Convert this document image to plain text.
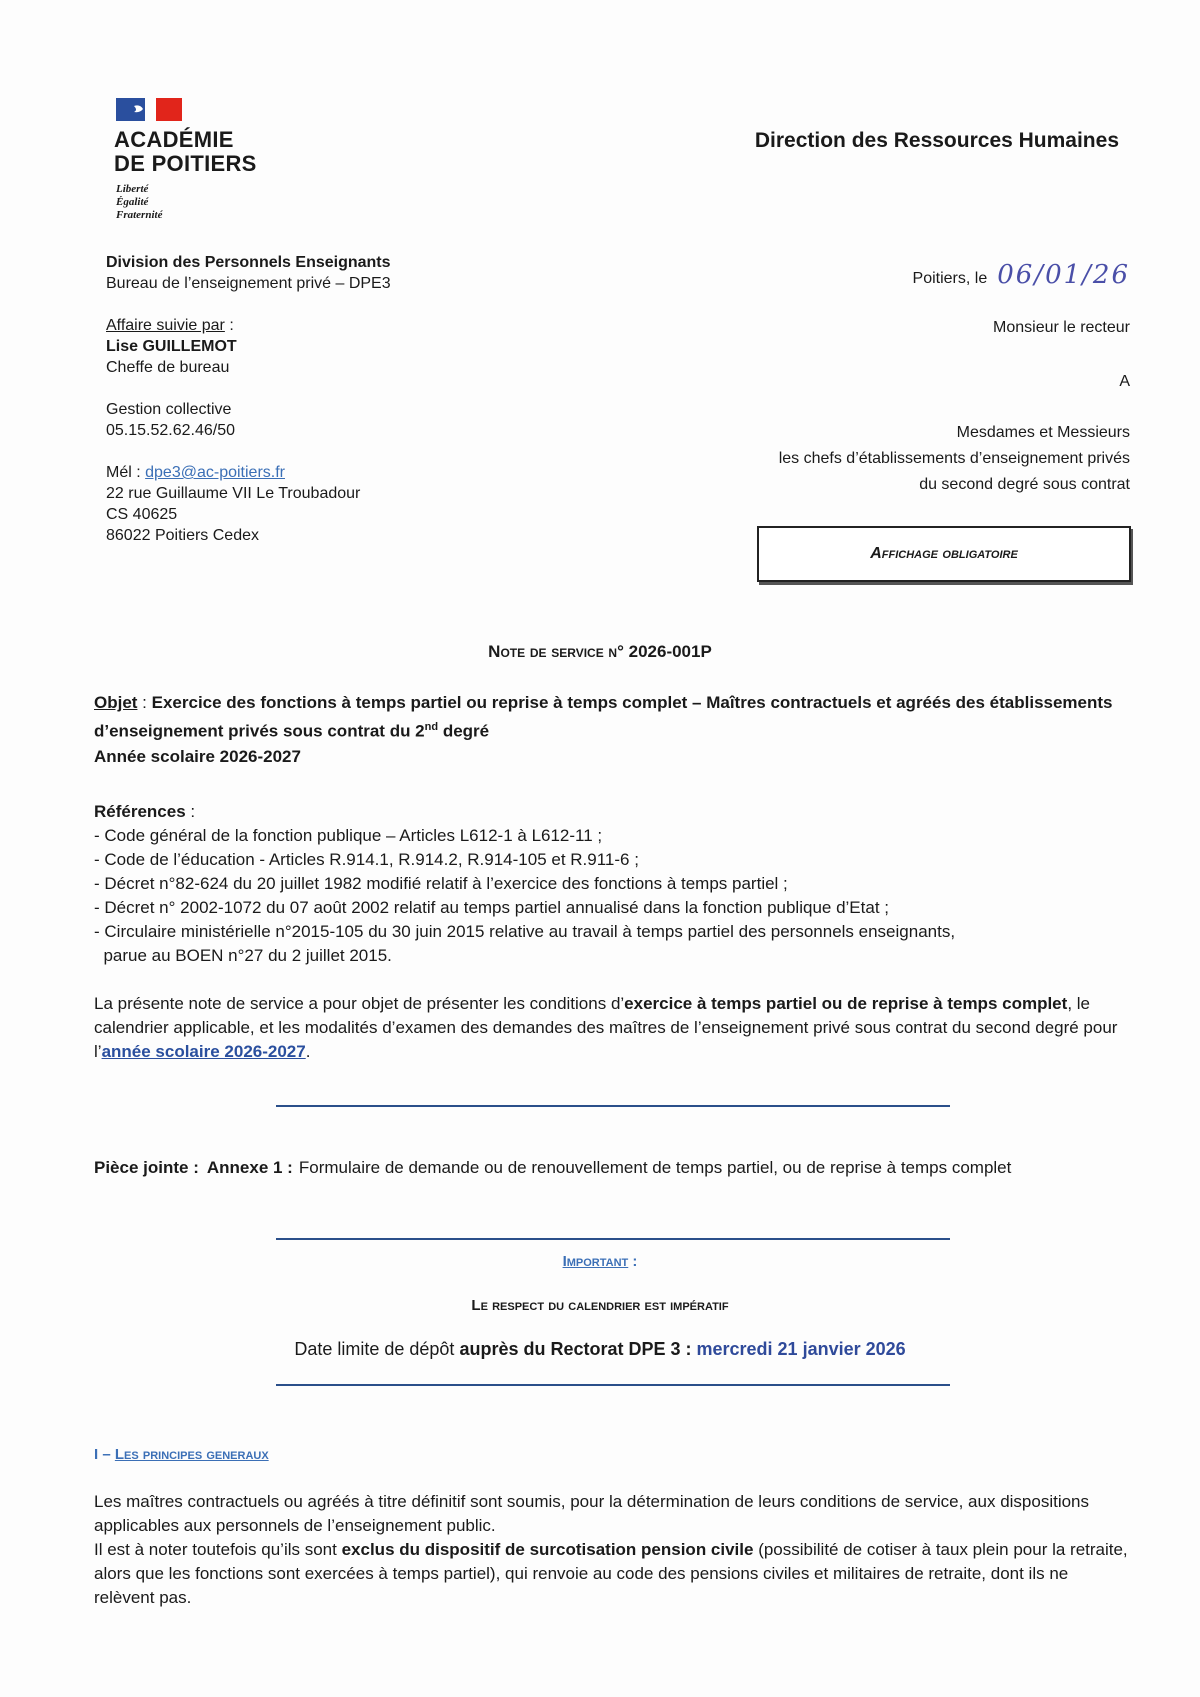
ACADÉMIE
DE POITIERS
Liberté
Égalité
Fraternité
Direction des Ressources Humaines
Division des Personnels Enseignants
Bureau de l’enseignement privé – DPE3
Affaire suivie par :
Lise GUILLEMOT
Cheffe de bureau
Gestion collective
05.15.52.62.46/50
Mél : dpe3@ac-poitiers.fr
22 rue Guillaume VII Le Troubadour
CS 40625
86022 Poitiers Cedex
Poitiers, le 06/01/26
Monsieur le recteur
A
Mesdames et Messieurs
les chefs d’établissements d’enseignement privés
du second degré sous contrat
Affichage obligatoire
Note de service n° 2026-001P
Objet : Exercice des fonctions à temps partiel ou reprise à temps complet – Maîtres contractuels et agréés des établissements d’enseignement privés sous contrat du 2nd degré
Année scolaire 2026-2027
Références :
- Code général de la fonction publique – Articles L612-1 à L612-11 ;
- Code de l’éducation - Articles R.914.1, R.914.2, R.914-105 et R.911-6 ;
- Décret n°82-624 du 20 juillet 1982 modifié relatif à l’exercice des fonctions à temps partiel ;
- Décret n° 2002-1072 du 07 août 2002 relatif au temps partiel annualisé dans la fonction publique d’Etat ;
- Circulaire ministérielle n°2015-105 du 30 juin 2015 relative au travail à temps partiel des personnels enseignants,
parue au BOEN n°27 du 2 juillet 2015.
La présente note de service a pour objet de présenter les conditions d’exercice à temps partiel ou de reprise à temps complet, le calendrier applicable, et les modalités d’examen des demandes des maîtres de l’enseignement privé sous contrat du second degré pour l’année scolaire 2026-2027.
Pièce jointe : Annexe 1 : Formulaire de demande ou de renouvellement de temps partiel, ou de reprise à temps complet
Important :
Le respect du calendrier est impératif
Date limite de dépôt auprès du Rectorat DPE 3 : mercredi 21 janvier 2026
I – Les principes generaux
Les maîtres contractuels ou agréés à titre définitif sont soumis, pour la détermination de leurs conditions de service, aux dispositions applicables aux personnels de l’enseignement public.
Il est à noter toutefois qu’ils sont exclus du dispositif de surcotisation pension civile (possibilité de cotiser à taux plein pour la retraite, alors que les fonctions sont exercées à temps partiel), qui renvoie au code des pensions civiles et militaires de retraite, dont ils ne relèvent pas.
